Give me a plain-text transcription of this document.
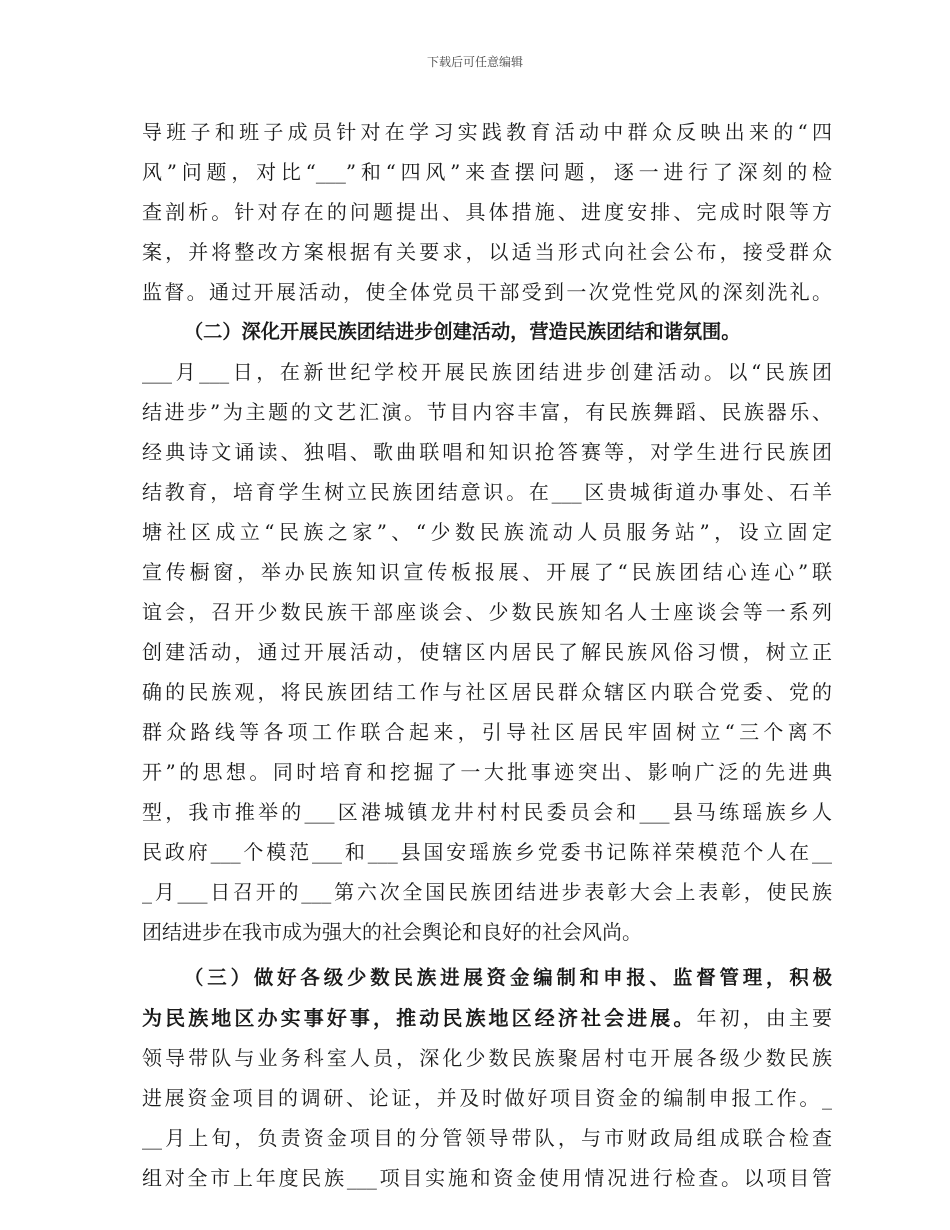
下载后可任意编辑
导班子和班子成员针对在学习实践教育活动中群众反映出来的“四
风”问题，对比“___”和“四风”来查摆问题，逐一进行了深刻的检
查剖析。针对存在的问题提出、具体措施、进度安排、完成时限等方
案，并将整改方案根据有关要求，以适当形式向社会公布，接受群众
监督。通过开展活动，使全体党员干部受到一次党性党风的深刻洗礼。
（二）深化开展民族团结进步创建活动，营造民族团结和谐氛围。
___月___日，在新世纪学校开展民族团结进步创建活动。以“民族团
结进步”为主题的文艺汇演。节目内容丰富，有民族舞蹈、民族器乐、
经典诗文诵读、独唱、歌曲联唱和知识抢答赛等，对学生进行民族团
结教育，培育学生树立民族团结意识。在___区贵城街道办事处、石羊
塘社区成立“民族之家”、“少数民族流动人员服务站”，设立固定
宣传橱窗，举办民族知识宣传板报展、开展了“民族团结心连心”联
谊会，召开少数民族干部座谈会、少数民族知名人士座谈会等一系列
创建活动，通过开展活动，使辖区内居民了解民族风俗习惯，树立正
确的民族观，将民族团结工作与社区居民群众辖区内联合党委、党的
群众路线等各项工作联合起来，引导社区居民牢固树立“三个离不
开”的思想。同时培育和挖掘了一大批事迹突出、影响广泛的先进典
型，我市推举的___区港城镇龙井村村民委员会和___县马练瑶族乡人
民政府___个模范___和___县国安瑶族乡党委书记陈祥荣模范个人在__
_月___日召开的___第六次全国民族团结进步表彰大会上表彰，使民族
团结进步在我市成为强大的社会舆论和良好的社会风尚。
（三）做好各级少数民族进展资金编制和申报、监督管理，积极
为民族地区办实事好事，推动民族地区经济社会进展。年初，由主要
领导带队与业务科室人员，深化少数民族聚居村屯开展各级少数民族
进展资金项目的调研、论证，并及时做好项目资金的编制申报工作。_
__月上旬，负责资金项目的分管领导带队，与市财政局组成联合检查
组对全市上年度民族___项目实施和资金使用情况进行检查。以项目管
